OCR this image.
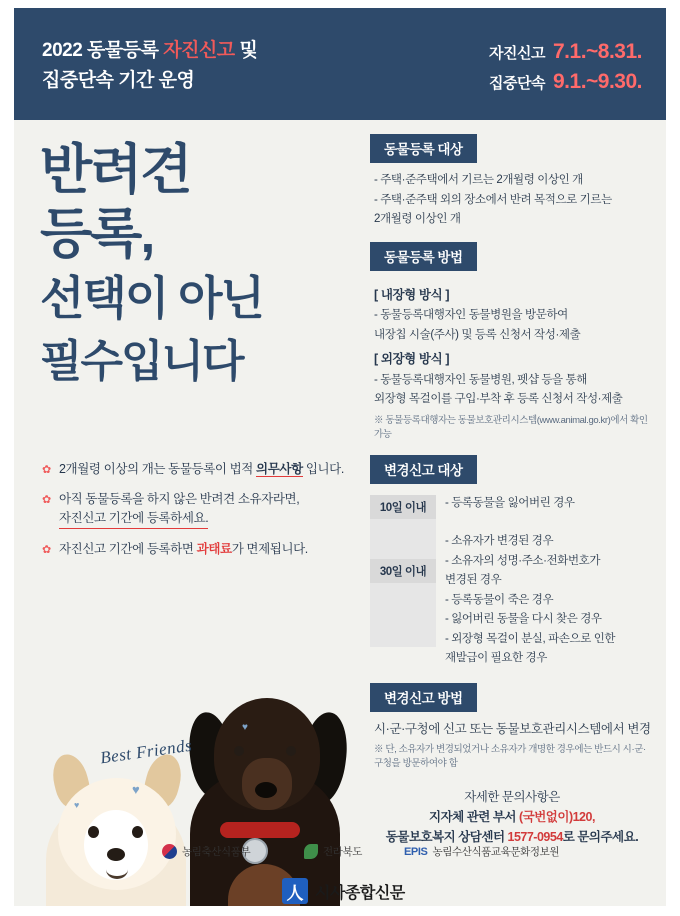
2022 동물등록 자진신고 및
집중단속 기간 운영
자진신고 7.1.~8.31.
집중단속 9.1.~9.30.
반려견
등록,
선택이 아닌
필수입니다
✿ 2개월령 이상의 개는 동물등록이 법적 의무사항 입니다.
✿ 아직 동물등록을 하지 않은 반려견 소유자라면, 자진신고 기간에 등록하세요.
✿ 자진신고 기간에 등록하면 과태료가 면제됩니다.
Best Friends
♥
♥
♥
동물등록 대상
- 주택·준주택에서 기르는 2개월령 이상인 개
- 주택·준주택 외의 장소에서 반려 목적으로 기르는
2개월령 이상인 개
동물등록 방법
[ 내장형 방식 ]
- 동물등록대행자인 동물병원을 방문하여
내장칩 시술(주사) 및 등록 신청서 작성·제출
[ 외장형 방식 ]
- 동물등록대행자인 동물병원, 펫샵 등을 통해
외장형 목걸이를 구입·부착 후 등록 신청서 작성·제출
※ 동물등록대행자는 동물보호관리시스템(www.animal.go.kr)에서 확인 가능
변경신고 대상
10일 이내
30일 이내
- 등록동물을 잃어버린 경우
- 소유자가 변경된 경우
- 소유자의 성명·주소·전화번호가
변경된 경우
- 등록동물이 죽은 경우
- 잃어버린 동물을 다시 찾은 경우
- 외장형 목걸이 분실, 파손으로 인한
재발급이 필요한 경우
변경신고 방법
시·군·구청에 신고 또는 동물보호관리시스템에서 변경
※ 단, 소유자가 변경되었거나 소유자가 개명한 경우에는 반드시 시·군·구청을 방문하여야 함
자세한 문의사항은
지자체 관련 부서 (국번없이)120,
동물보호복지 상담센터 1577-0954로 문의주세요.
농림축산식품부	전라북도	EPIS 농림수산식품교육문화정보원
人 시사종합신문
